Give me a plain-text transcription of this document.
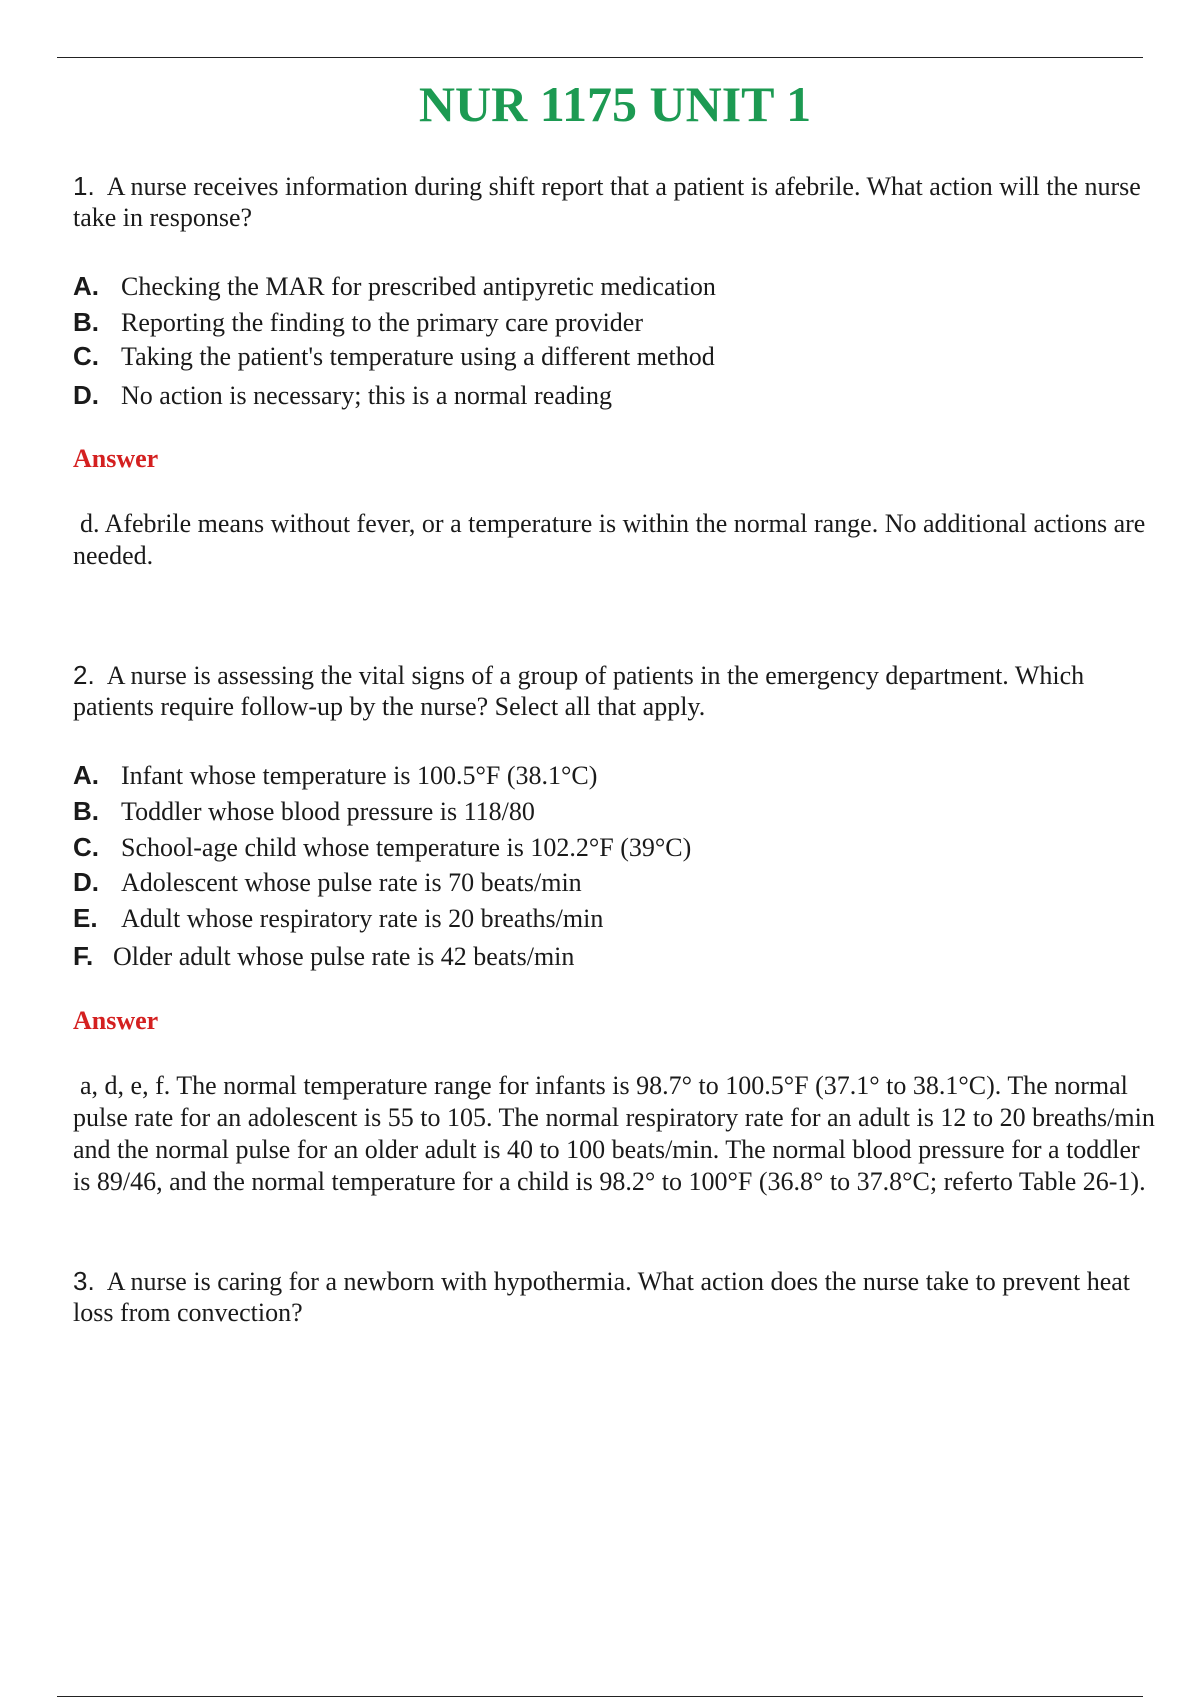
NUR 1175 UNIT 1
1. A nurse receives information during shift report that a patient is afebrile. What action will the nurse take in response?
A. Checking the MAR for prescribed antipyretic medication
B. Reporting the finding to the primary care provider
C. Taking the patient's temperature using a different method
D. No action is necessary; this is a normal reading
Answer
d. Afebrile means without fever, or a temperature is within the normal range. No additional actions are needed.
2. A nurse is assessing the vital signs of a group of patients in the emergency department. Which patients require follow-up by the nurse? Select all that apply.
A. Infant whose temperature is 100.5°F (38.1°C)
B. Toddler whose blood pressure is 118/80
C. School-age child whose temperature is 102.2°F (39°C)
D. Adolescent whose pulse rate is 70 beats/min
E. Adult whose respiratory rate is 20 breaths/min
F. Older adult whose pulse rate is 42 beats/min
Answer
a, d, e, f. The normal temperature range for infants is 98.7° to 100.5°F (37.1° to 38.1°C). The normal pulse rate for an adolescent is 55 to 105. The normal respiratory rate for an adult is 12 to 20 breaths/min and the normal pulse for an older adult is 40 to 100 beats/min. The normal blood pressure for a toddler is 89/46, and the normal temperature for a child is 98.2° to 100°F (36.8° to 37.8°C; referto Table 26-1).
3. A nurse is caring for a newborn with hypothermia. What action does the nurse take to prevent heat loss from convection?
